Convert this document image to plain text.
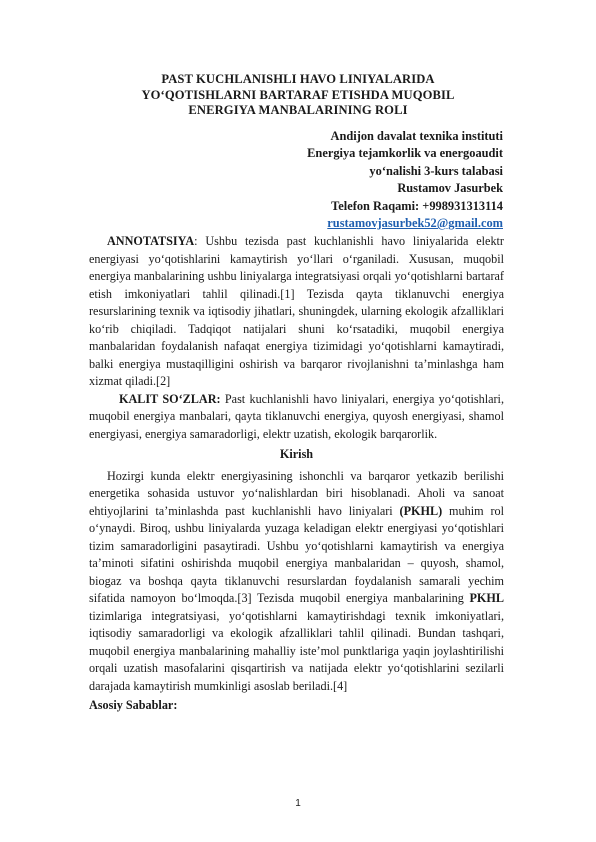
PAST KUCHLANISHLI HAVO LINIYALARIDA
YO‘QOTISHLARNI BARTARAF ETISHDA MUQOBIL
ENERGIYA MANBALARINING ROLI
Andijon davalat texnika instituti
Energiya tejamkorlik va energoaudit
yo‘nalishi 3-kurs talabasi
Rustamov Jasurbek
Telefon Raqami: +998931313114
rustamovjasurbek52@gmail.com

ANNOTATSIYA: Ushbu tezisda past kuchlanishli havo liniyalarida elektr energiyasi yo‘qotishlarini kamaytirish yo‘llari o‘rganiladi. Xususan, muqobil energiya manbalarining ushbu liniyalarga integratsiyasi orqali yo‘qotishlarni bartaraf etish imkoniyatlari tahlil qilinadi.[1] Tezisda qayta tiklanuvchi energiya resurslarining texnik va iqtisodiy jihatlari, shuningdek, ularning ekologik afzalliklari ko‘rib chiqiladi. Tadqiqot natijalari shuni ko‘rsatadiki, muqobil energiya manbalaridan foydalanish nafaqat energiya tizimidagi yo‘qotishlarni kamaytiradi, balki energiya mustaqilligini oshirish va barqaror rivojlanishni ta’minlashga ham xizmat qiladi.[2]

KALIT SO‘ZLAR: Past kuchlanishli havo liniyalari, energiya yo‘qotishlari, muqobil energiya manbalari, qayta tiklanuvchi energiya, quyosh energiyasi, shamol energiyasi, energiya samaradorligi, elektr uzatish, ekologik barqarorlik.

Kirish

Hozirgi kunda elektr energiyasining ishonchli va barqaror yetkazib berilishi energetika sohasida ustuvor yo‘nalishlardan biri hisoblanadi. Aholi va sanoat ehtiyojlarini ta’minlashda past kuchlanishli havo liniyalari (PKHL) muhim rol o‘ynaydi. Biroq, ushbu liniyalarda yuzaga keladigan elektr energiyasi yo‘qotishlari tizim samaradorligini pasaytiradi. Ushbu yo‘qotishlarni kamaytirish va energiya ta’minoti sifatini oshirishda muqobil energiya manbalaridan – quyosh, shamol, biogaz va boshqa qayta tiklanuvchi resurslardan foydalanish samarali yechim sifatida namoyon bo‘lmoqda.[3] Tezisda muqobil energiya manbalarining PKHL tizimlariga integratsiyasi, yo‘qotishlarni kamaytirishdagi texnik imkoniyatlari, iqtisodiy samaradorligi va ekologik afzalliklari tahlil qilinadi. Bundan tashqari, muqobil energiya manbalarining mahalliy iste’mol punktlariga yaqin joylashtirilishi orqali uzatish masofalarini qisqartirish va natijada elektr yo‘qotishlarini sezilarli darajada kamaytirish mumkinligi asoslab beriladi.[4]

Asosiy Sabablar:

1
